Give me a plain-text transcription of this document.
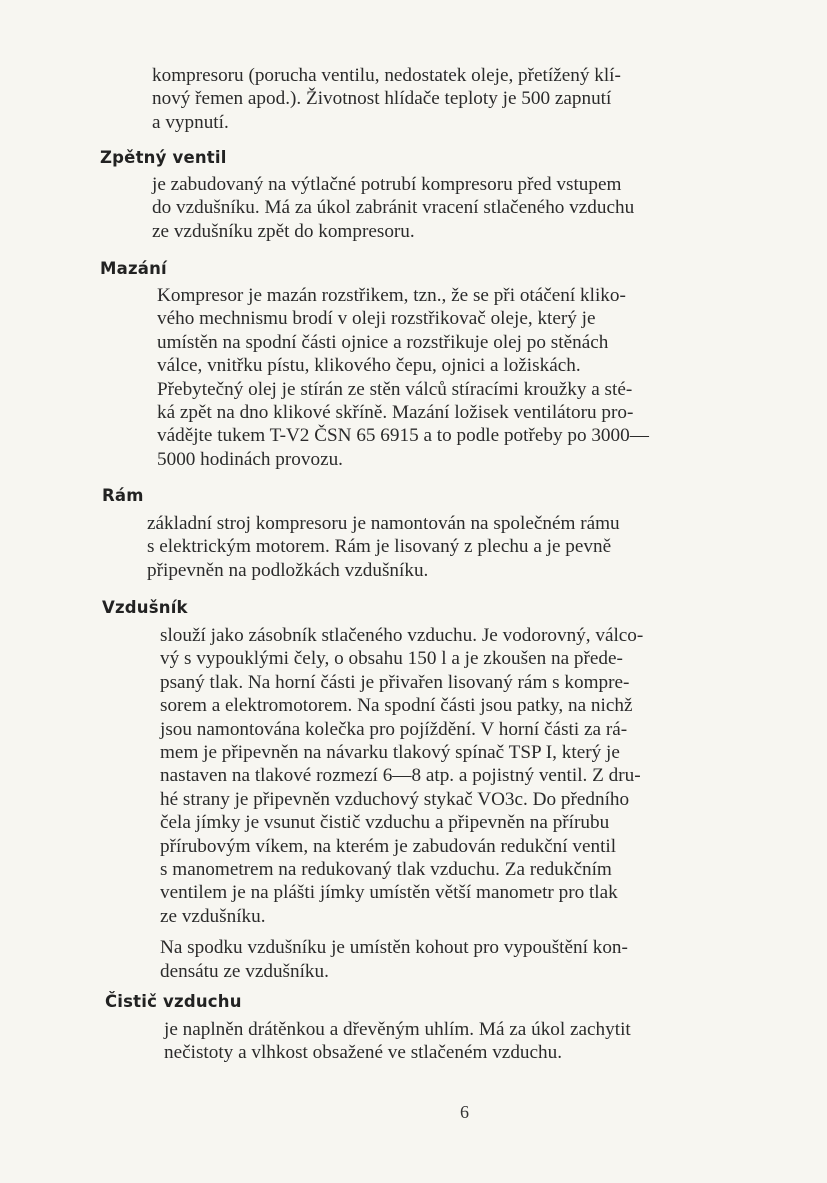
kompresoru (porucha ventilu, nedostatek oleje, přetížený klí-
nový řemen apod.). Životnost hlídače teploty je 500 zapnutí
a vypnutí.
Zpětný ventil
je zabudovaný na výtlačné potrubí kompresoru před vstupem
do vzdušníku. Má za úkol zabránit vracení stlačeného vzduchu
ze vzdušníku zpět do kompresoru.
Mazání
Kompresor je mazán rozstřikem, tzn., že se při otáčení kliko-
vého mechnismu brodí v oleji rozstřikovač oleje, který je
umístěn na spodní části ojnice a rozstřikuje olej po stěnách
válce, vnitřku pístu, klikového čepu, ojnici a ložiskách.
Přebytečný olej je stírán ze stěn válců stíracími kroužky a sté-
ká zpět na dno klikové skříně. Mazání ložisek ventilátoru pro-
vádějte tukem T-V2 ČSN 65 6915 a to podle potřeby po 3000—
5000 hodinách provozu.
Rám
základní stroj kompresoru je namontován na společném rámu
s elektrickým motorem. Rám je lisovaný z plechu a je pevně
připevněn na podložkách vzdušníku.
Vzdušník
slouží jako zásobník stlačeného vzduchu. Je vodorovný, válco-
vý s vypouklými čely, o obsahu 150 l a je zkoušen na přede-
psaný tlak. Na horní části je přivařen lisovaný rám s kompre-
sorem a elektromotorem. Na spodní části jsou patky, na nichž
jsou namontována kolečka pro pojíždění. V horní části za rá-
mem je připevněn na návarku tlakový spínač TSP I, který je
nastaven na tlakové rozmezí 6—8 atp. a pojistný ventil. Z dru-
hé strany je připevněn vzduchový stykač VO3c. Do předního
čela jímky je vsunut čistič vzduchu a připevněn na přírubu
přírubovým víkem, na kterém je zabudován redukční ventil
s manometrem na redukovaný tlak vzduchu. Za redukčním
ventilem je na plášti jímky umístěn větší manometr pro tlak
ze vzdušníku.
Na spodku vzdušníku je umístěn kohout pro vypouštění kon-
densátu ze vzdušníku.
Čistič vzduchu
je naplněn drátěnkou a dřevěným uhlím. Má za úkol zachytit
nečistoty a vlhkost obsažené ve stlačeném vzduchu.
6
